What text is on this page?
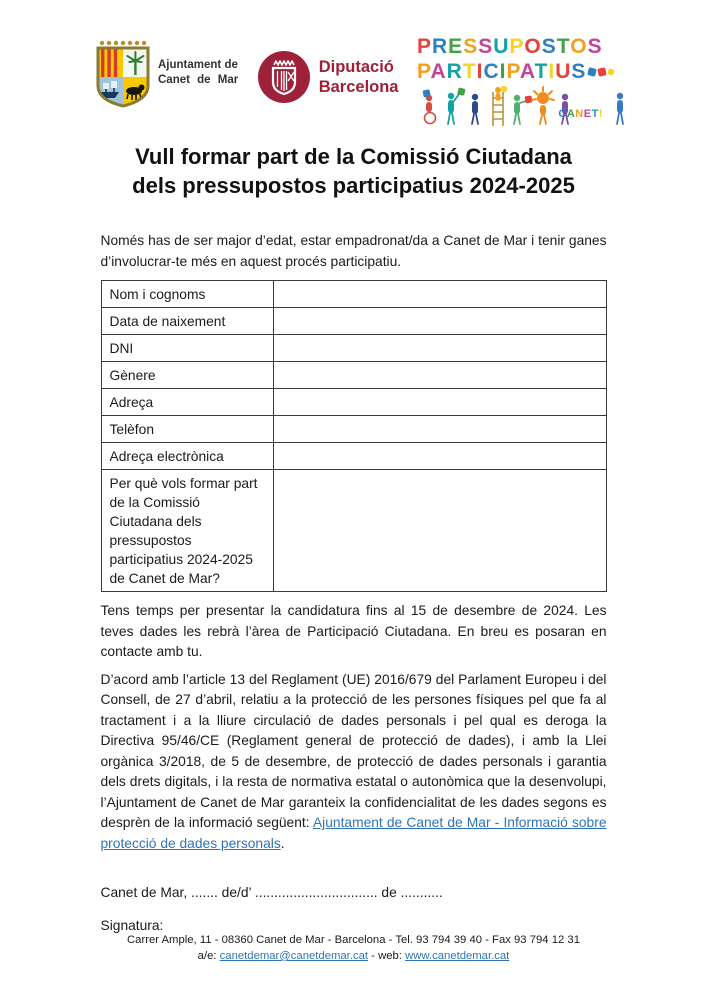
Ajuntament de
Canet de Mar
Diputació
Barcelona
PRESSUPOSTOS
PARTICIPATIUS
CANET!
Vull formar part de la Comissió Ciutadana
dels pressupostos participatius 2024-2025

Només has de ser major d’edat, estar empadronat/da a Canet de Mar i tenir ganes d’involucrar-te més en aquest procés participatiu.

Nom i cognoms	
Data de naixement	
DNI	
Gènere	
Adreça	
Telèfon	
Adreça electrònica	
Per què vols formar part de la Comissió Ciutadana dels pressupostos participatius 2024-2025 de Canet de Mar?	

Tens temps per presentar la candidatura fins al 15 de desembre de 2024. Les teves dades les rebrà l’àrea de Participació Ciutadana. En breu es posaran en contacte amb tu.

D’acord amb l’article 13 del Reglament (UE) 2016/679 del Parlament Europeu i del Consell, de 27 d’abril, relatiu a la protecció de les persones físiques pel que fa al tractament i a la lliure circulació de dades personals i pel qual es deroga la Directiva 95/46/CE (Reglament general de protecció de dades), i amb la Llei orgànica 3/2018, de 5 de desembre, de protecció de dades personals i garantia dels drets digitals, i la resta de normativa estatal o autonòmica que la desenvolupi, l’Ajuntament de Canet de Mar garanteix la confidencialitat de les dades segons es desprèn de la informació següent: Ajuntament de Canet de Mar - Informació sobre protecció de dades personals.

Canet de Mar, ....... de/d’ ................................ de ...........

Signatura:

Carrer Ample, 11 - 08360 Canet de Mar - Barcelona - Tel. 93 794 39 40 - Fax 93 794 12 31
a/e: canetdemar@canetdemar.cat - web: www.canetdemar.cat
